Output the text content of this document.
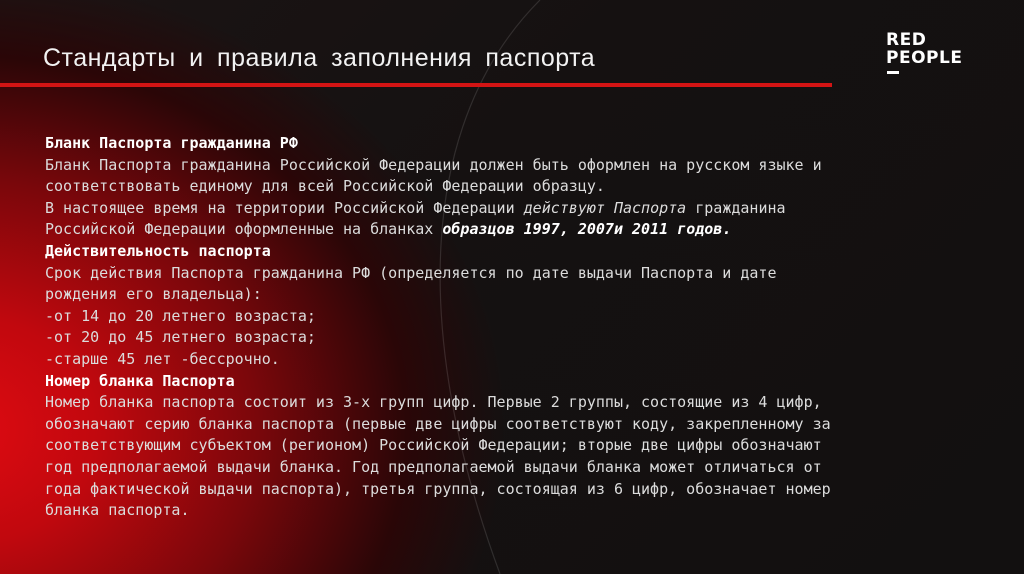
Стандарты и правила заполнения паспорта
RED
PEOPLE

Бланк Паспорта гражданина РФ

Бланк Паспорта гражданина Российской Федерации должен быть оформлен на русском языке и

соответствовать единому для всей Российской Федерации образцу.

В настоящее время на территории Российской Федерации действуют Паспорта гражданина

Российской Федерации оформленные на бланках образцов 1997, 2007и 2011 годов.

Действительность паспорта

Срок действия Паспорта гражданина РФ (определяется по дате выдачи Паспорта и дате

рождения его владельца):

-от 14 до 20 летнего возраста;

-от 20 до 45 летнего возраста;

-старше 45 лет -бессрочно.

Номер бланка Паспорта

Номер бланка паспорта состоит из 3-х групп цифр. Первые 2 группы, состоящие из 4 цифр,

обозначают серию бланка паспорта (первые две цифры соответствуют коду, закрепленному за

соответствующим субъектом (регионом) Российской Федерации; вторые две цифры обозначают

год предполагаемой выдачи бланка. Год предполагаемой выдачи бланка может отличаться от

года фактической выдачи паспорта), третья группа, состоящая из 6 цифр, обозначает номер

бланка паспорта.
